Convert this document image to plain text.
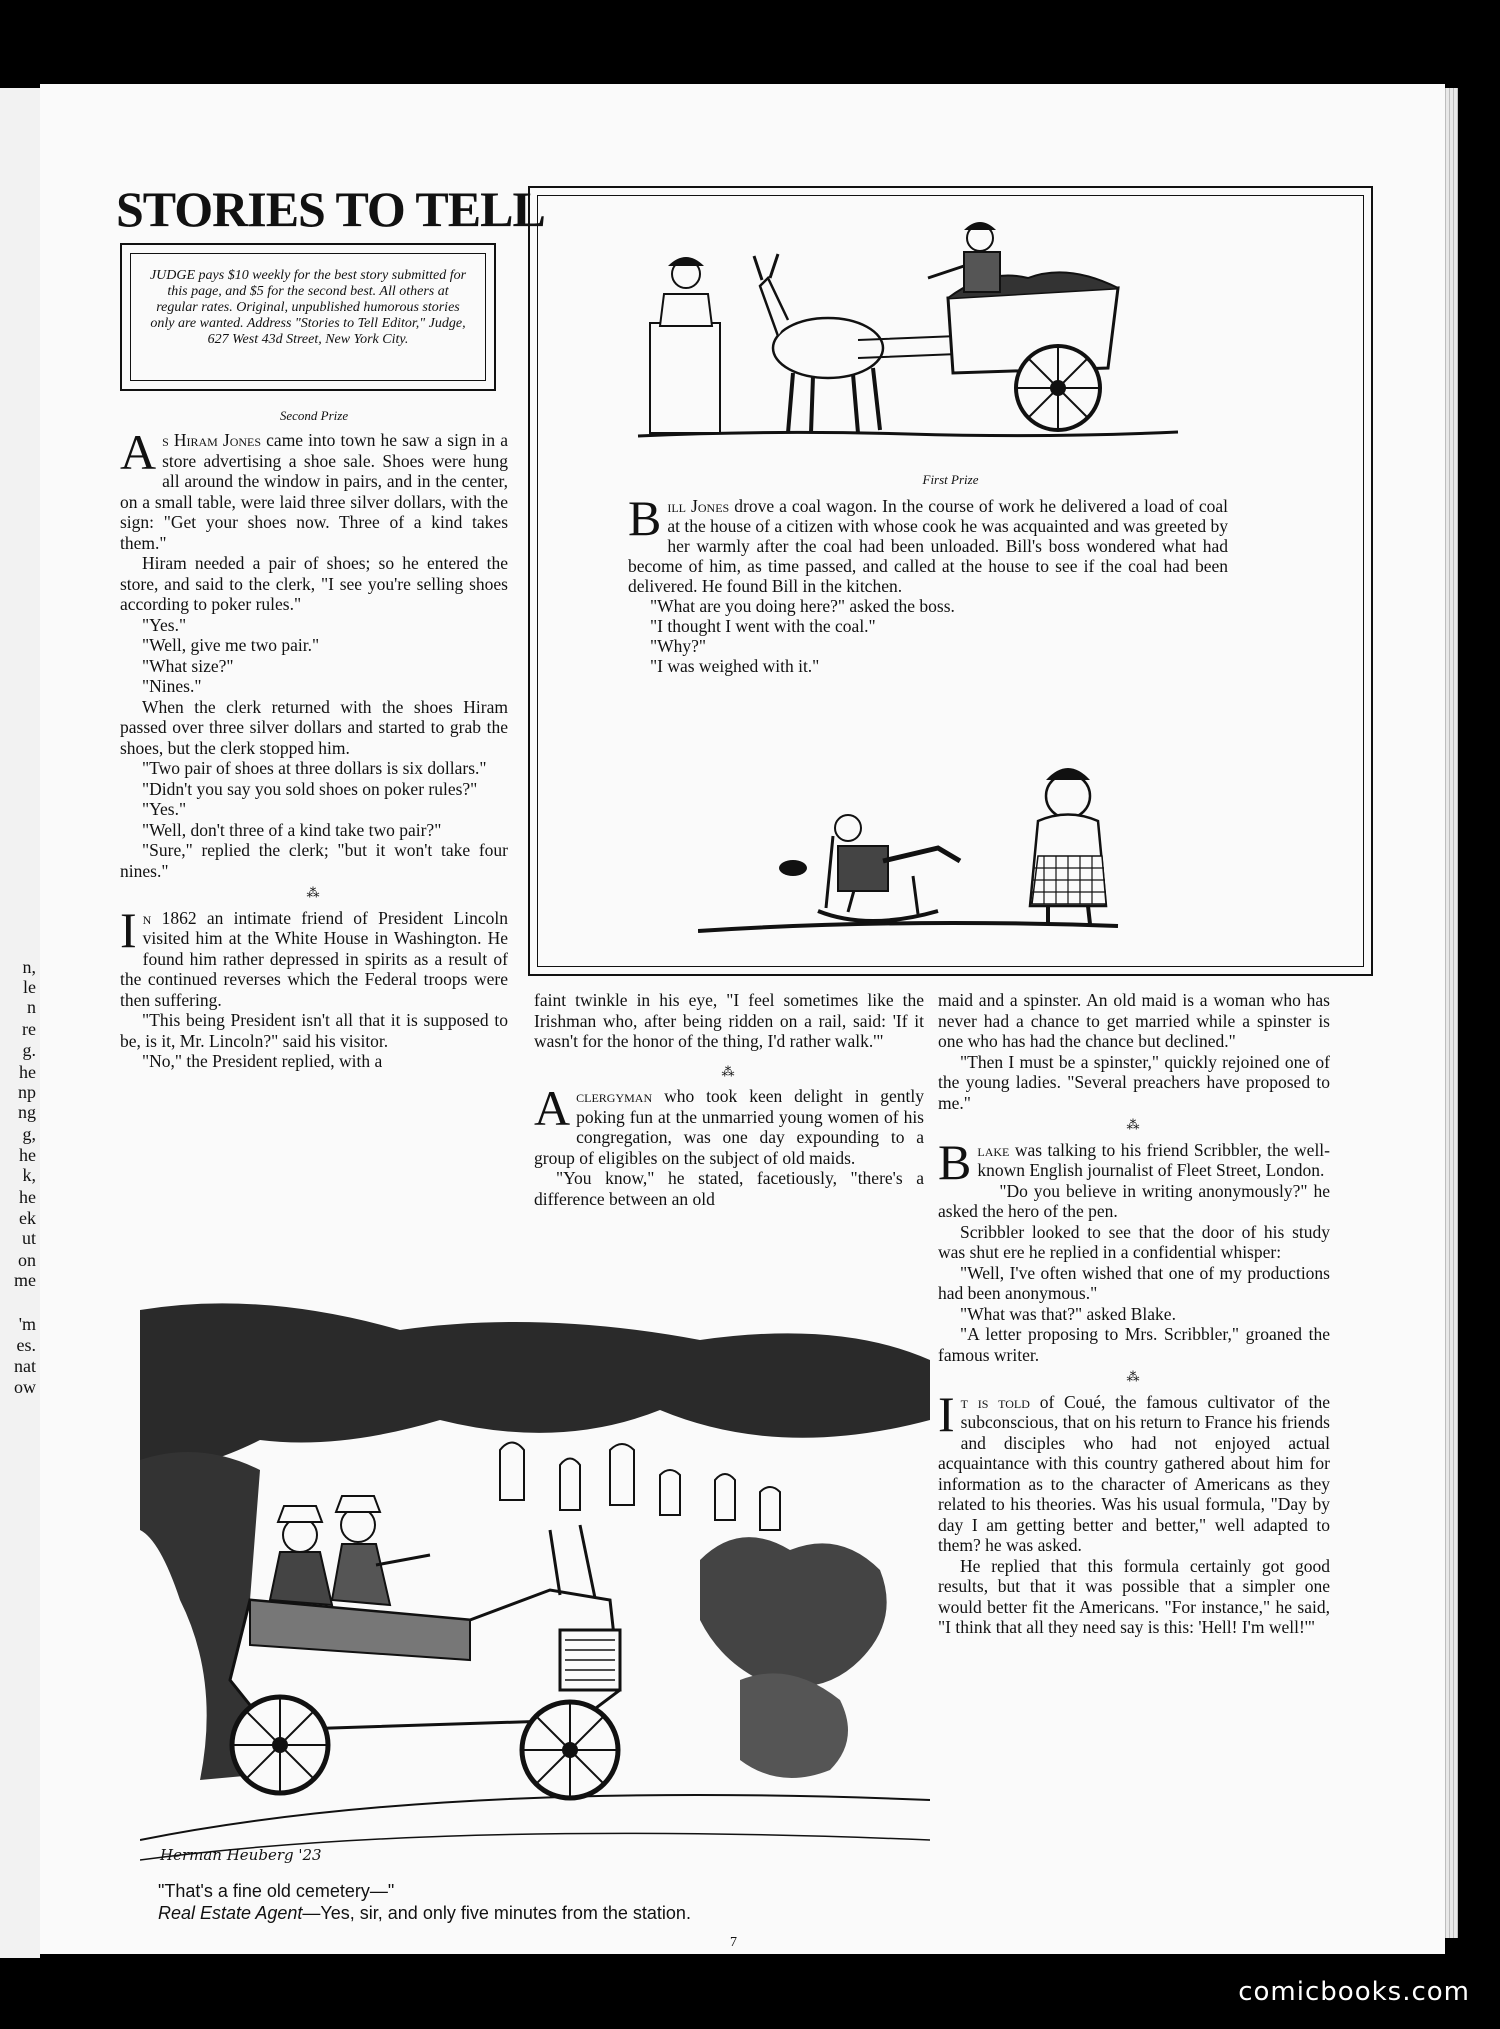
n,
le
n
re
g.
he
np
ng
g,
he
k,
he
ek
ut
on
me
'm
es.
nat
ow
STORIES TO TELL
JUDGE pays $10 weekly for the best story submitted for this page, and $5 for the second best. All others at regular rates. Original, unpublished humorous stories only are wanted. Address "Stories to Tell Editor," Judge, 627 West 43d Street, New York City.
Second Prize

As Hiram Jones came into town he saw a sign in a store advertising a shoe sale. Shoes were hung all around the window in pairs, and in the center, on a small table, were laid three silver dollars, with the sign: "Get your shoes now. Three of a kind takes them."

Hiram needed a pair of shoes; so he entered the store, and said to the clerk, "I see you're selling shoes according to poker rules."

"Yes."

"Well, give me two pair."

"What size?"

"Nines."

When the clerk returned with the shoes Hiram passed over three silver dollars and started to grab the shoes, but the clerk stopped him.

"Two pair of shoes at three dollars is six dollars."

"Didn't you say you sold shoes on poker rules?"

"Yes."

"Well, don't three of a kind take two pair?"

"Sure," replied the clerk; "but it won't take four nines."

⁂

In 1862 an intimate friend of President Lincoln visited him at the White House in Washington. He found him rather depressed in spirits as a result of the continued reverses which the Federal troops were then suffering.

"This being President isn't all that it is supposed to be, is it, Mr. Lincoln?" said his visitor.

"No," the President replied, with a

First Prize

Bill Jones drove a coal wagon. In the course of work he delivered a load of coal at the house of a citizen with whose cook he was acquainted and was greeted by her warmly after the coal had been unloaded. Bill's boss wondered what had become of him, as time passed, and called at the house to see if the coal had been delivered. He found Bill in the kitchen.

"What are you doing here?" asked the boss.

"I thought I went with the coal."

"Why?"

"I was weighed with it."

faint twinkle in his eye, "I feel sometimes like the Irishman who, after being ridden on a rail, said: 'If it wasn't for the honor of the thing, I'd rather walk.'"

⁂

Aclergyman who took keen delight in gently poking fun at the unmarried young women of his congregation, was one day expounding to a group of eligibles on the subject of old maids.

"You know," he stated, facetiously, "there's a difference between an old

maid and a spinster. An old maid is a woman who has never had a chance to get married while a spinster is one who has had the chance but declined."

"Then I must be a spinster," quickly rejoined one of the young ladies. "Several preachers have proposed to me."

⁂

Blake was talking to his friend Scribbler, the well-known English journalist of Fleet Street, London.

"Do you believe in writing anonymously?" he asked the hero of the pen.

Scribbler looked to see that the door of his study was shut ere he replied in a confidential whisper:

"Well, I've often wished that one of my productions had been anonymous."

"What was that?" asked Blake.

"A letter proposing to Mrs. Scribbler," groaned the famous writer.

⁂

It is told of Coué, the famous cultivator of the subconscious, that on his return to France his friends and disciples who had not enjoyed actual acquaintance with this country gathered about him for information as to the character of Americans as they related to his theories. Was his usual formula, "Day by day I am getting better and better," well adapted to them? he was asked.

He replied that this formula certainly got good results, but that it was possible that a simpler one would better fit the Americans. "For instance," he said, "I think that all they need say is this: 'Hell! I'm well!'"

Herman Heuberg '23
"That's a fine old cemetery—"
Real Estate Agent—Yes, sir, and only five minutes from the station.
7
comicbooks.com
